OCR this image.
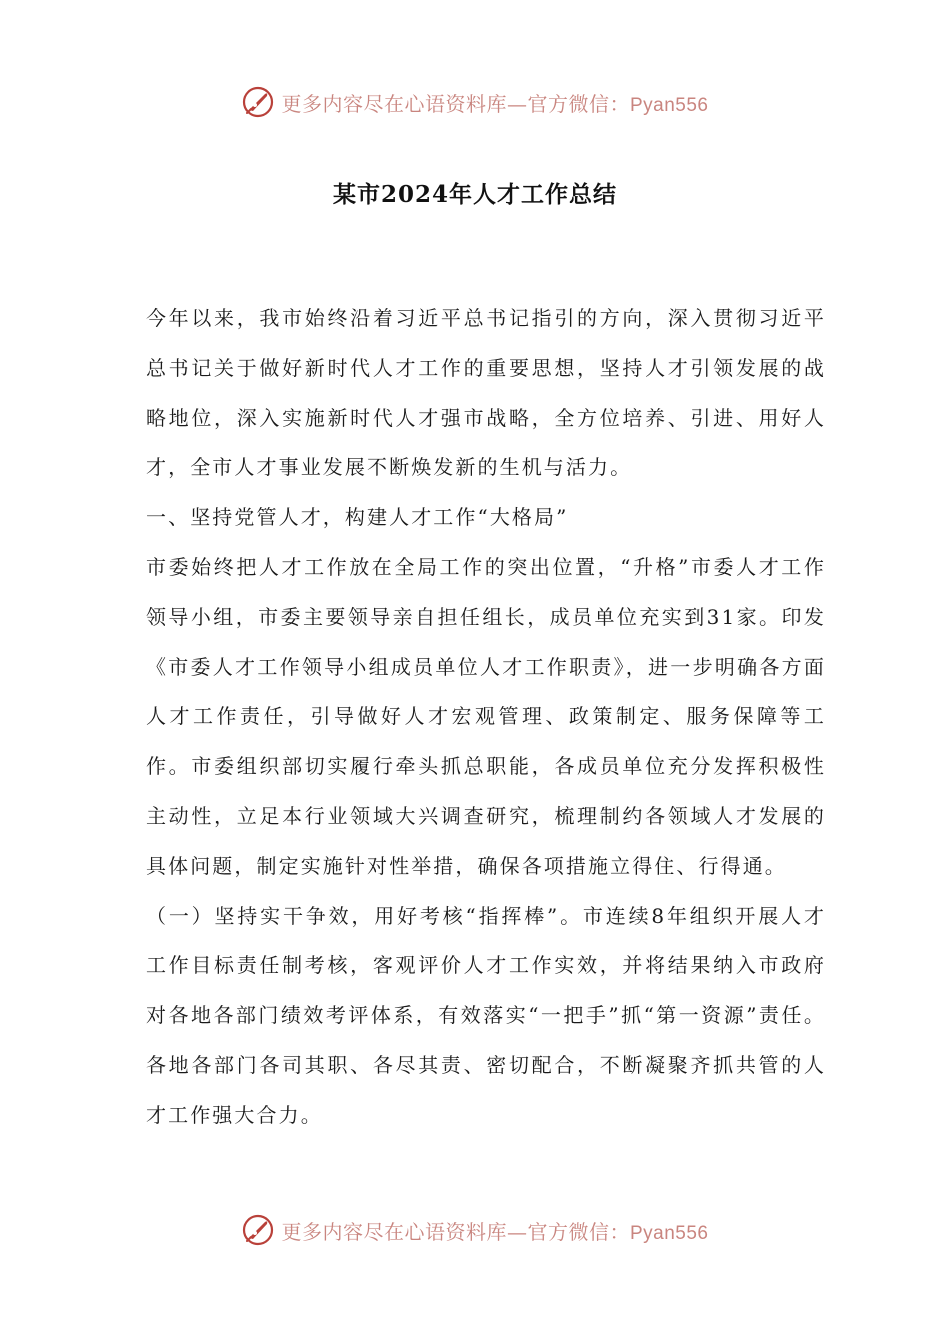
更多内容尽在心语资料库—官方微信：Pyan556
某市2024年人才工作总结

今年以来，我市始终沿着习近平总书记指引的方向，深入贯彻习近平总书记关于做好新时代人才工作的重要思想，坚持人才引领发展的战略地位，深入实施新时代人才强市战略，全方位培养、引进、用好人才，全市人才事业发展不断焕发新的生机与活力。

一、坚持党管人才，构建人才工作“大格局”

市委始终把人才工作放在全局工作的突出位置，“升格”市委人才工作领导小组，市委主要领导亲自担任组长，成员单位充实到31家。印发《市委人才工作领导小组成员单位人才工作职责》，进一步明确各方面人才工作责任，引导做好人才宏观管理、政策制定、服务保障等工作。市委组织部切实履行牵头抓总职能，各成员单位充分发挥积极性主动性，立足本行业领域大兴调查研究，梳理制约各领域人才发展的具体问题，制定实施针对性举措，确保各项措施立得住、行得通。

（一）坚持实干争效，用好考核“指挥棒”。市连续8年组织开展人才工作目标责任制考核，客观评价人才工作实效，并将结果纳入市政府对各地各部门绩效考评体系，有效落实“一把手”抓“第一资源”责任。各地各部门各司其职、各尽其责、密切配合，不断凝聚齐抓共管的人才工作强大合力。

更多内容尽在心语资料库—官方微信：Pyan556
